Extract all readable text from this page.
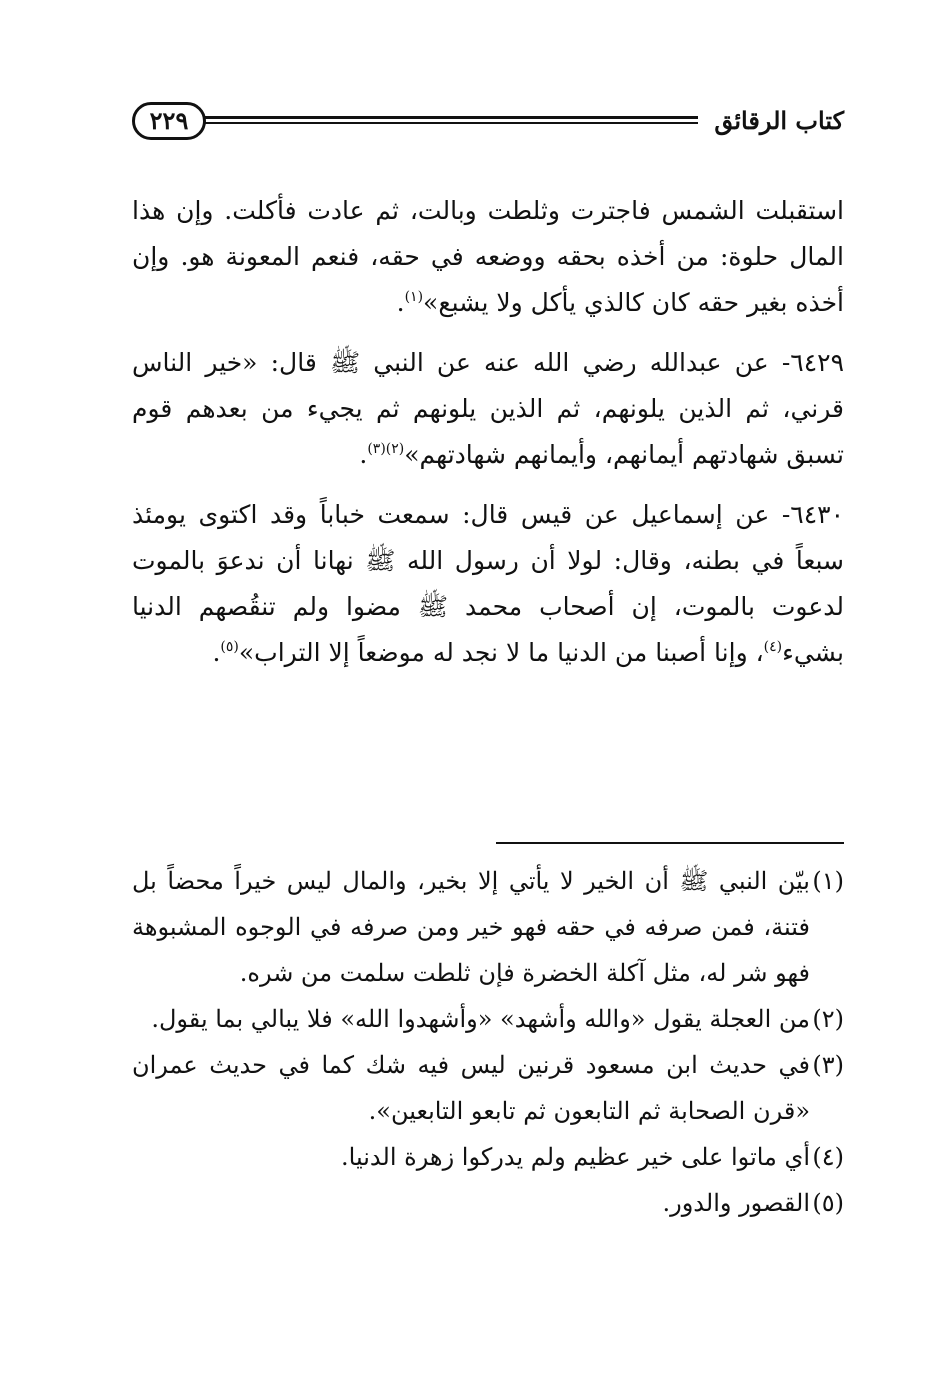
كتاب الرقائق
٢٢٩

استقبلت الشمس فاجترت وثلطت وبالت، ثم عادت فأكلت. وإن هذا المال حلوة: من أخذه بحقه ووضعه في حقه، فنعم المعونة هو. وإن أخذه بغير حقه كان كالذي يأكل ولا يشبع»$^{(١)}$.

٦٤٢٩- عن عبدالله رضي الله عنه عن النبي ﷺ قال: «خير الناس قرني، ثم الذين يلونهم، ثم الذين يلونهم ثم يجيء من بعدهم قوم تسبق شهادتهم أيمانهم، وأيمانهم شهادتهم»$^{(٢)(٣)}$.

٦٤٣٠- عن إسماعيل عن قيس قال: سمعت خباباً وقد اكتوى يومئذ سبعاً في بطنه، وقال: لولا أن رسول الله ﷺ نهانا أن ندعوَ بالموت لدعوت بالموت، إن أصحاب محمد ﷺ مضوا ولم تنقُصهم الدنيا بشيء$^{(٤)}$، وإنا أصبنا من الدنيا ما لا نجد له موضعاً إلا التراب»$^{(٥)}$.

(١)
بيّن النبي ﷺ أن الخير لا يأتي إلا بخير، والمال ليس خيراً محضاً بل فتنة، فمن صرفه في حقه فهو خير ومن صرفه في الوجوه المشبوهة فهو شر له، مثل آكلة الخضرة فإن ثلطت سلمت من شره.
(٢)
من العجلة يقول «والله وأشهد» «وأشهدوا الله» فلا يبالي بما يقول.
(٣)
في حديث ابن مسعود قرنين ليس فيه شك كما في حديث عمران «قرن الصحابة ثم التابعون ثم تابعو التابعين».
(٤)
أي ماتوا على خير عظيم ولم يدركوا زهرة الدنيا.
(٥)
القصور والدور.
